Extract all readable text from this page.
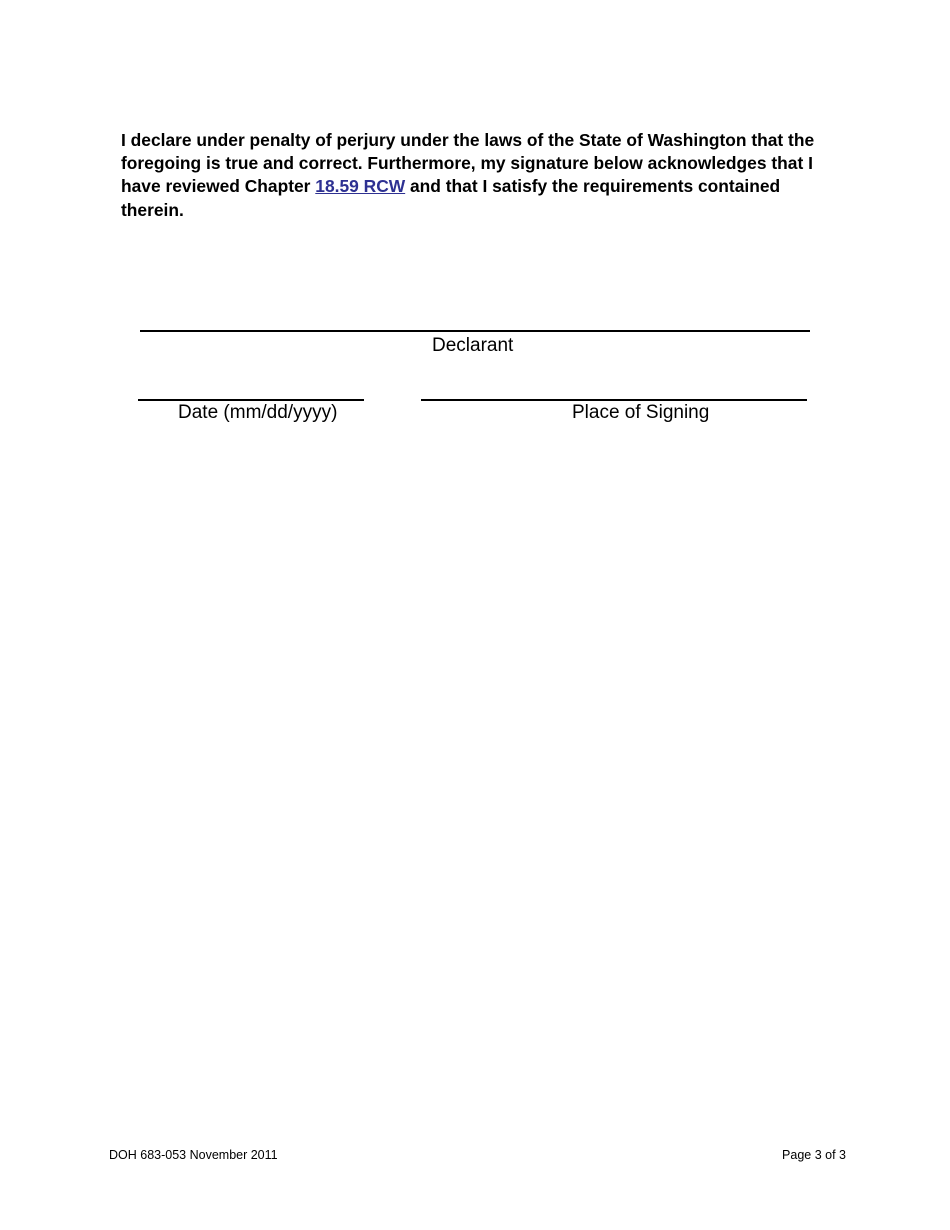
I declare under penalty of perjury under the laws of the State of Washington that the foregoing is true and correct. Furthermore, my signature below acknowledges that I have reviewed Chapter 18.59 RCW and that I satisfy the requirements contained therein.

Declarant
Date (mm/dd/yyyy)	Place of Signing
DOH 683-053 November 2011	Page 3 of 3
